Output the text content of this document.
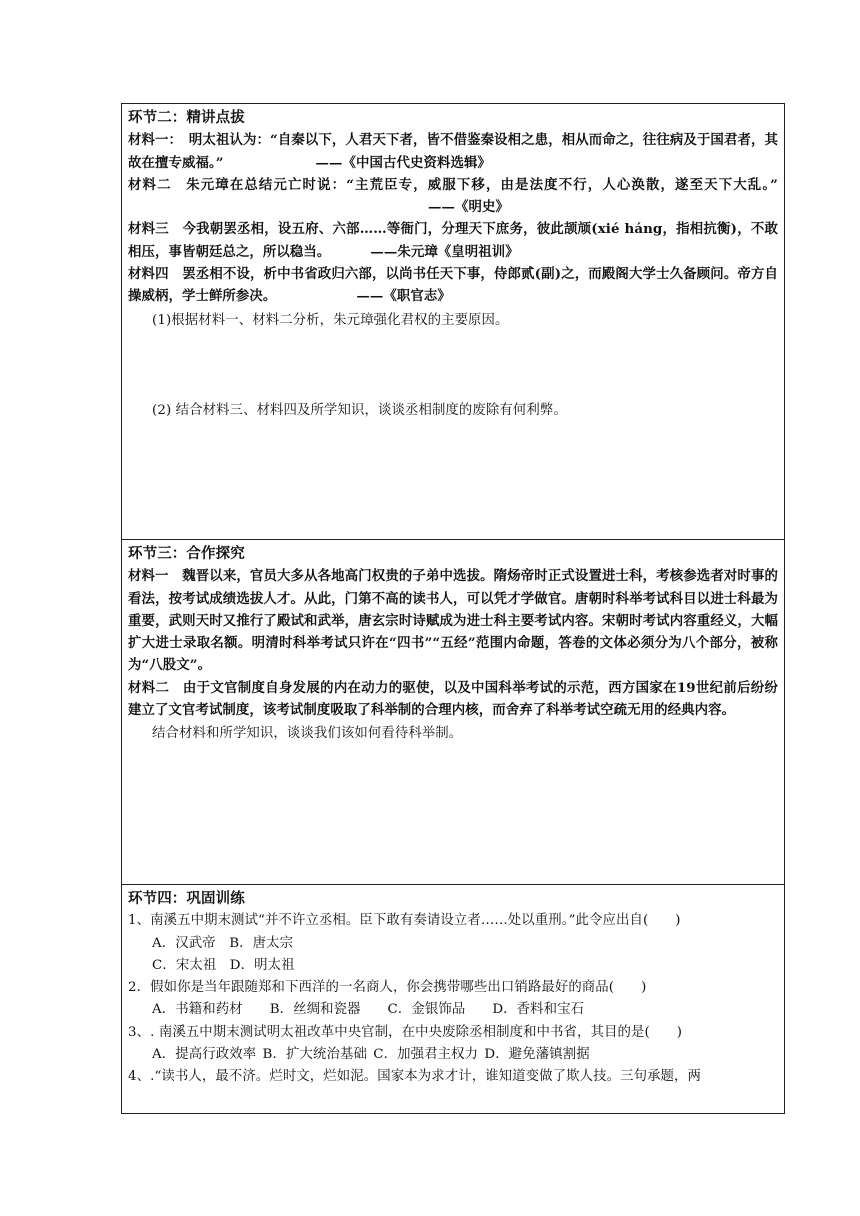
环节二：精讲点拔
材料一：　 明太祖认为：“自秦以下，人君天下者，皆不借鉴秦设相之患，相从而命之，往往病及于国君者，其故在擅专威福。”	——《中国古代史资料选辑》
材料二　 朱元璋在总结元亡时说：“主荒臣专，威服下移，由是法度不行，人心涣散，遂至天下大乱。”——《明史》
材料三　 今我朝罢丞相，设五府、六部……等衙门，分理天下庶务，彼此颉颃(xié háng，指相抗衡)，不敢相压，事皆朝廷总之，所以稳当。	——朱元璋《皇明祖训》
材料四　 罢丞相不设，析中书省政归六部，以尚书任天下事，侍郎贰(副)之，而殿阁大学士久备顾问。帝方自操威柄，学士鲜所参决。	——《职官志》
(1)根据材料一、材料二分析，朱元璋强化君权的主要原因。
(2) 结合材料三、材料四及所学知识，谈谈丞相制度的废除有何利弊。

环节三：合作探究
材料一　 魏晋以来，官员大多从各地高门权贵的子弟中选拔。隋炀帝时正式设置进士科，考核参选者对时事的看法，按考试成绩选拔人才。从此，门第不高的读书人，可以凭才学做官。唐朝时科举考试科目以进士科最为重要，武则天时又推行了殿试和武举，唐玄宗时诗赋成为进士科主要考试内容。宋朝时考试内容重经义，大幅扩大进士录取名额。明清时科举考试只许在“四书”“五经”范围内命题，答卷的文体必须分为八个部分，被称为“八股文”。
材料二　 由于文官制度自身发展的内在动力的驱使，以及中国科举考试的示范，西方国家在19世纪前后纷纷建立了文官考试制度，该考试制度吸取了科举制的合理内核，而舍弃了科举考试空疏无用的经典内容。
结合材料和所学知识，谈谈我们该如何看待科举制。

环节四：巩固训练
1、南溪五中期末测试“并不许立丞相。臣下敢有奏请设立者……处以重刑。”此令应出自(　　)
A．汉武帝　B．唐太宗
C．宋太祖　D．明太祖
2．假如你是当年跟随郑和下西洋的一名商人，你会携带哪些出口销路最好的商品(　　)
A．书籍和药材　　B．丝绸和瓷器　　C．金银饰品　　D．香料和宝石
3、. 南溪五中期末测试明太祖改革中央官制，在中央废除丞相制度和中书省，其目的是(　　)
A．提高行政效率 B．扩大统治基础 C．加强君主权力 D．避免藩镇割据
4、.“读书人，最不济。烂时文，烂如泥。国家本为求才计，谁知道变做了欺人技。三句承题，两
